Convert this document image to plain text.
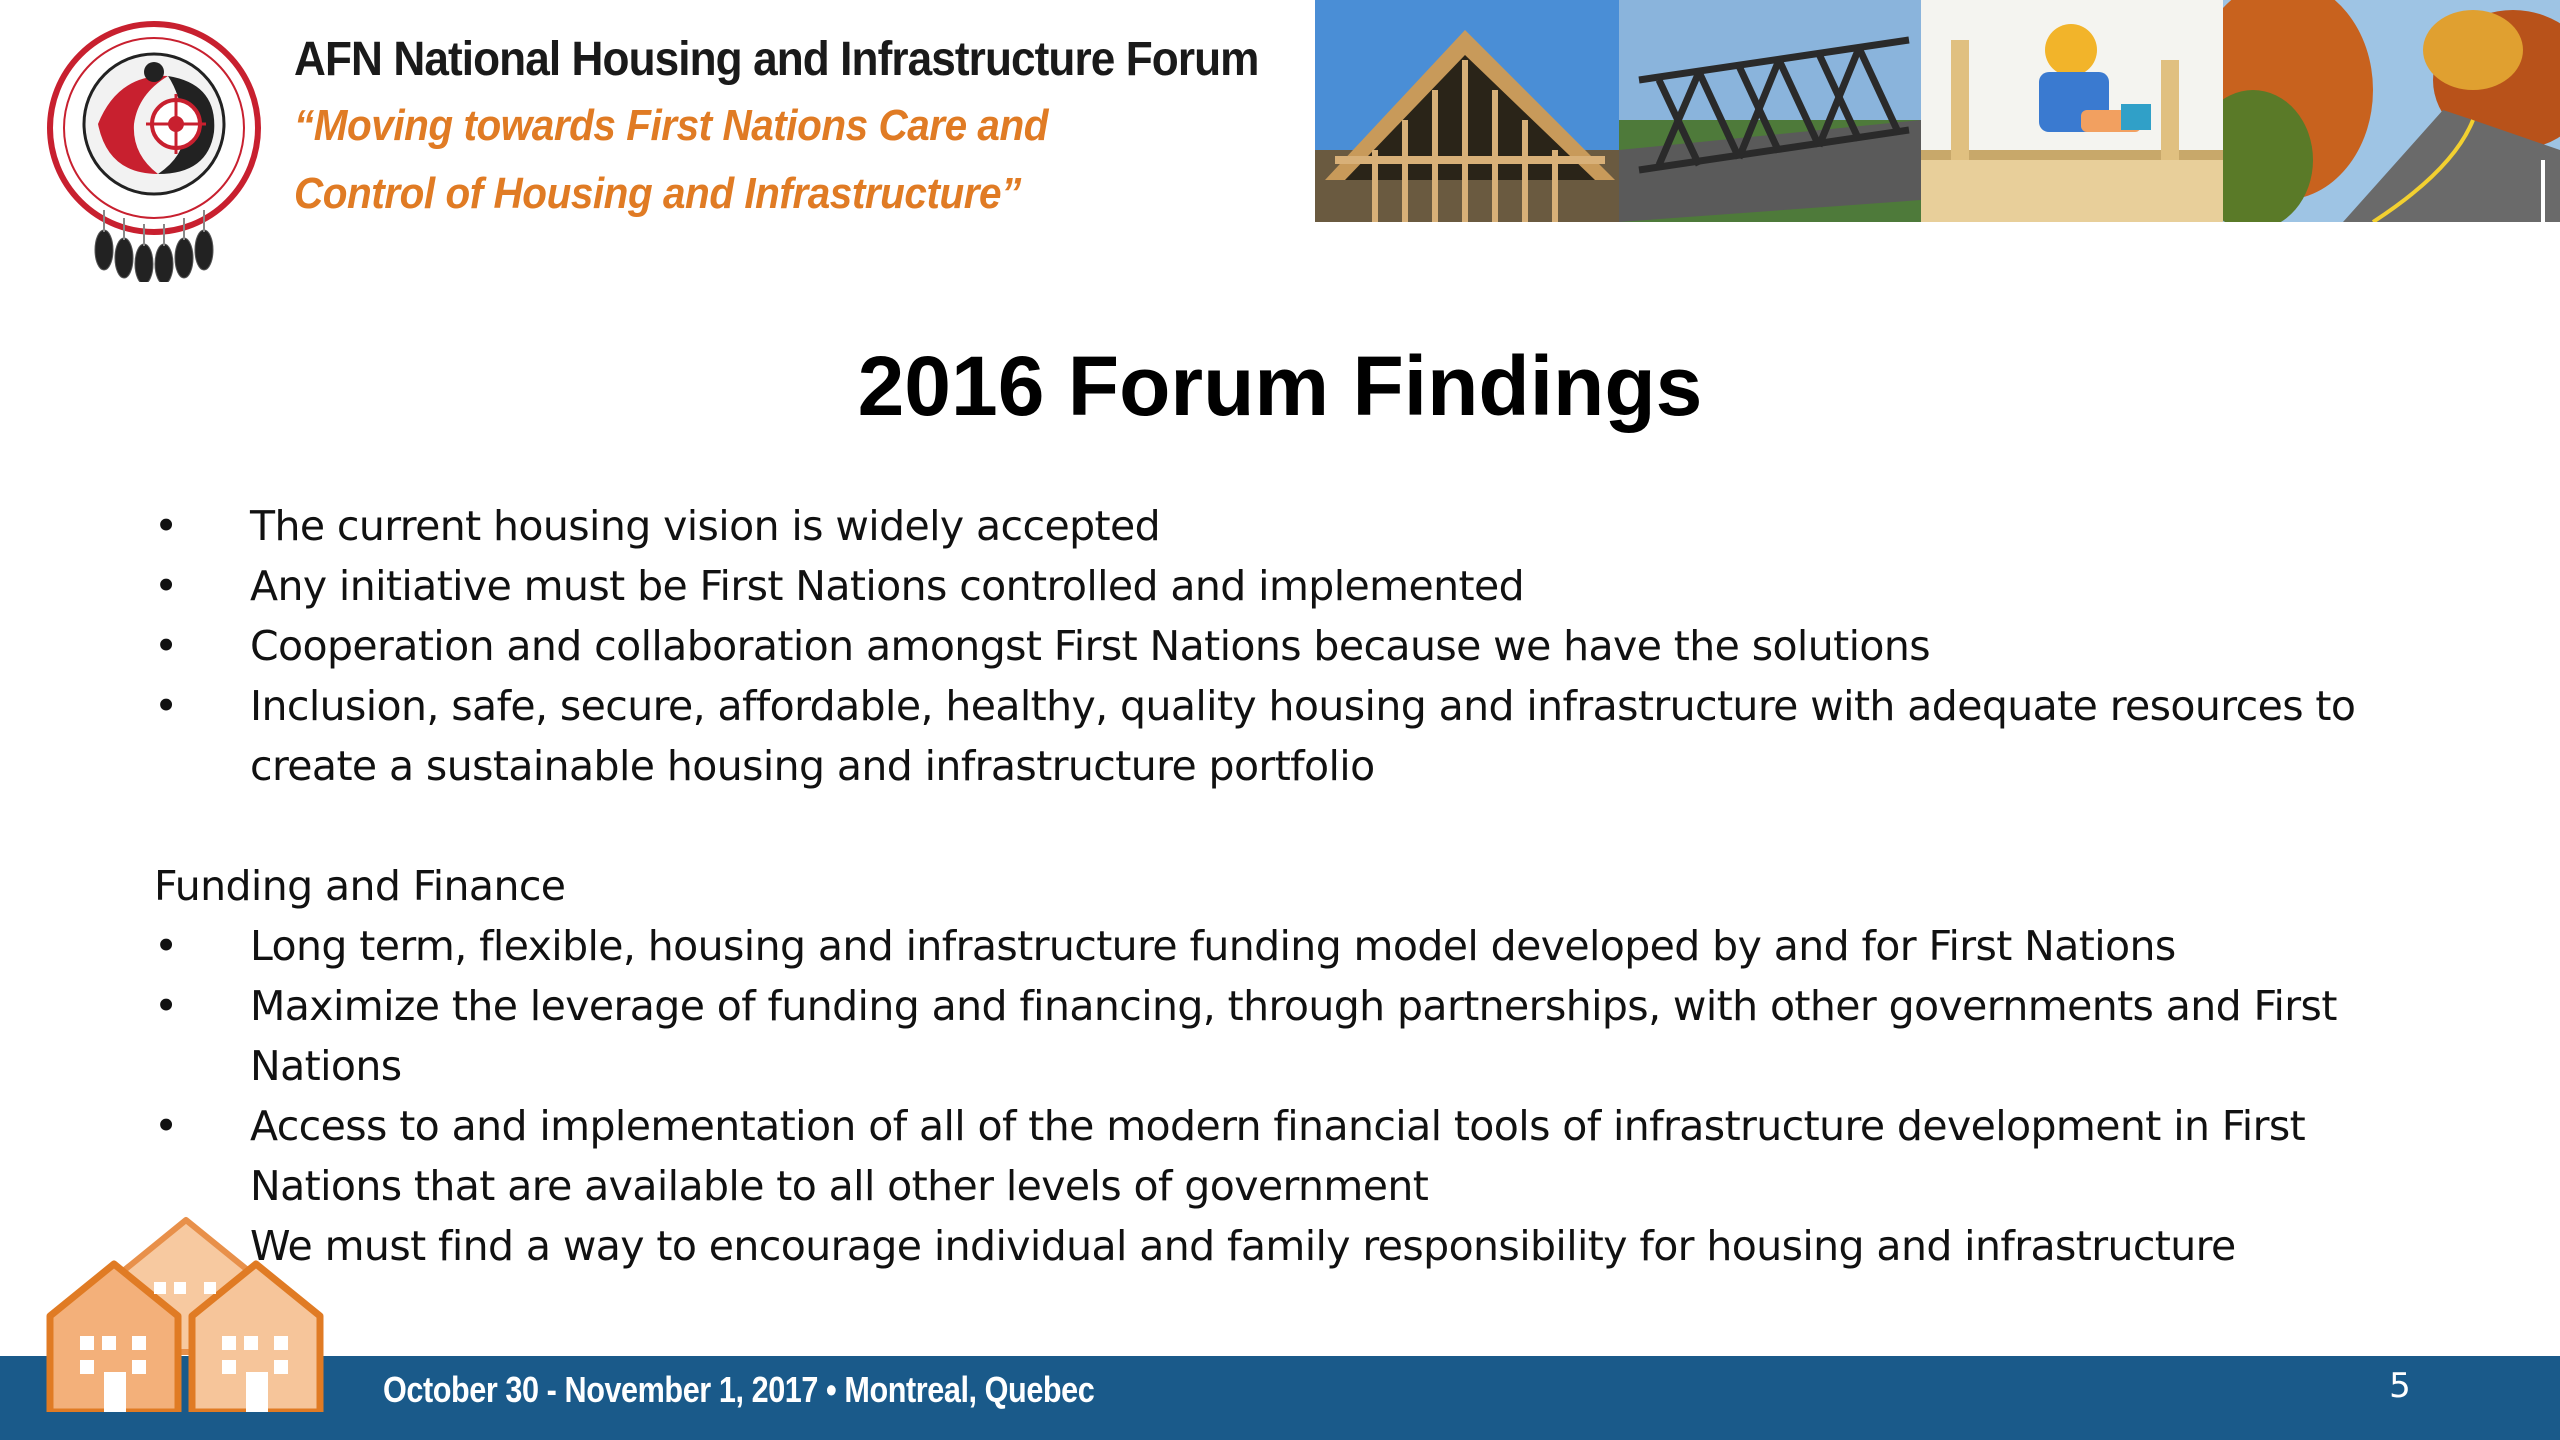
AFN National Housing and Infrastructure Forum
“Moving towards First Nations Care and
Control of Housing and Infrastructure”
2016 Forum Findings
• The current housing vision is widely accepted
• Any initiative must be First Nations controlled and implemented
• Cooperation and collaboration amongst First Nations because we have the solutions
• Inclusion, safe, secure, affordable, healthy, quality housing and infrastructure with adequate resources to create a sustainable housing and infrastructure portfolio
Funding and Finance
• Long term, flexible, housing and infrastructure funding model developed by and for First Nations
• Maximize the leverage of funding and financing, through partnerships, with other governments and First Nations
• Access to and implementation of all of the modern financial tools of infrastructure development in First Nations that are available to all other levels of government
We must find a way to encourage individual and family responsibility for housing and infrastructure

October 30 - November 1, 2017 • Montreal, Quebec	5
